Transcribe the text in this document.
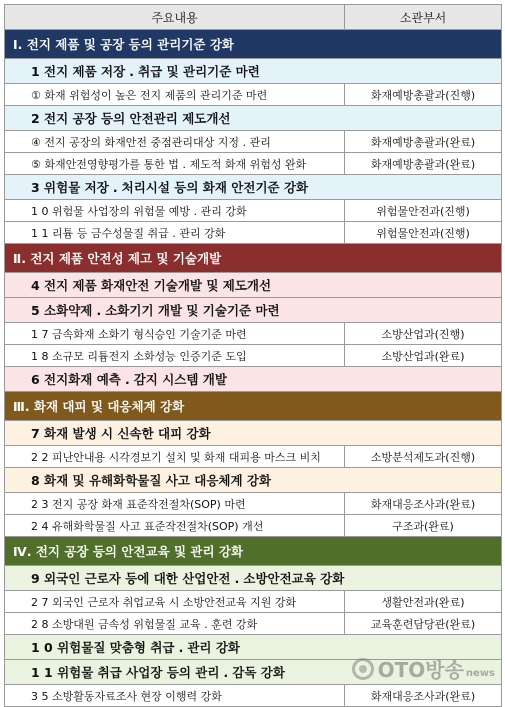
주요내용	소관부서
Ⅰ. 전지 제품 및 공장 등의 관리기준 강화	
1 전지 제품 저장 ․ 취급 및 관리기준 마련	
① 화재 위험성이 높은 전지 제품의 관리기준 마련	화재예방총괄과(진행)
2 전지 공장 등의 안전관리 제도개선	
④ 전지 공장의 화재안전 중점관리대상 지정 ․ 관리	화재예방총괄과(완료)
⑤ 화재안전영향평가를 통한 법 ․ 제도적 화재 위험성 완화	화재예방총괄과(완료)
3 위험물 저장 ․ 처리시설 등의 화재 안전기준 강화	
1 0 위험물 사업장의 위험물 예방 ․ 관리 강화	위험물안전과(진행)
1 1 리튬 등 금수성물질 취급 ․ 관리 강화	위험물안전과(진행)
Ⅱ. 전지 제품 안전성 제고 및 기술개발	
4 전지 제품 화재안전 기술개발 및 제도개선	
5 소화약제 ․ 소화기기 개발 및 기술기준 마련	
1 7 금속화재 소화기 형식승인 기술기준 마련	소방산업과(진행)
1 8 소규모 리튬전지 소화성능 인증기준 도입	소방산업과(완료)
6 전지화재 예측 ․ 감지 시스템 개발	
Ⅲ. 화재 대피 및 대응체계 강화	
7 화재 발생 시 신속한 대피 강화	
2 2 피난안내용 시각경보기 설치 및 화재 대피용 마스크 비치	소방분석제도과(진행)
8 화재 및 유해화학물질 사고 대응체계 강화	
2 3 전지 공장 화재 표준작전절차(SOP) 마련	화재대응조사과(완료)
2 4 유해화학물질 사고 표준작전절차(SOP) 개선	구조과(완료)
Ⅳ. 전지 공장 등의 안전교육 및 관리 강화	
9 외국인 근로자 등에 대한 산업안전 ․ 소방안전교육 강화	
2 7 외국인 근로자 취업교육 시 소방안전교육 지원 강화	생활안전과(완료)
2 8 소방대원 금속성 위험물질 교육 ․ 훈련 강화	교육훈련담당관(완료)
1 0 위험물질 맞춤형 취급 ․ 관리 강화	
1 1 위험물 취급 사업장 등의 관리 ․ 감독 강화	
3 5 소방활동자료조사 현장 이행력 강화	화재대응조사과(완료)
OTO방송 news
